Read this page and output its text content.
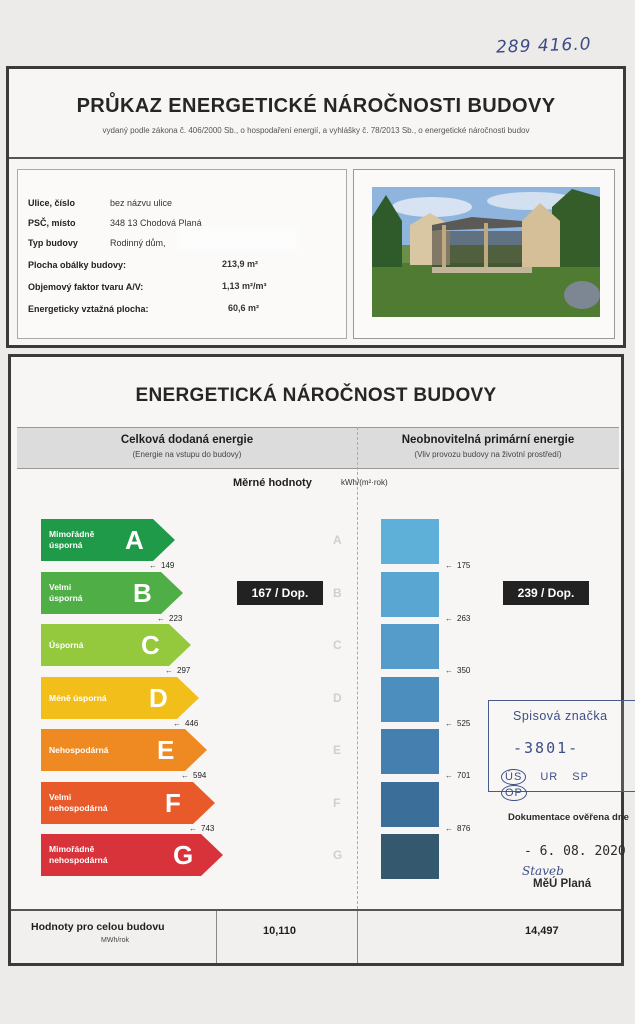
289 416.0
PRŮKAZ ENERGETICKÉ NÁROČNOSTI BUDOVY
vydaný podle zákona č. 406/2000 Sb., o hospodaření energií, a vyhlášky č. 78/2013 Sb., o energetické náročnosti budov
Ulice, číslo	bez názvu ulice
PSČ, místo	348 13 Chodová Planá
Typ budovy	Rodinný dům,
Plocha obálky budovy:	213,9 m²
Objemový faktor tvaru A/V:	1,13 m²/m³
Energeticky vztažná plocha:	60,6 m²
ENERGETICKÁ NÁROČNOST BUDOVY
Celková dodaná energie
(Energie na vstupu do budovy)
Neobnovitelná primární energie
(Vliv provozu budovy na životní prostředí)
Měrné hodnoty	kWh/(m²·rok)
Mimořádně
úsporná A
← 149
Velmi
úsporná B
← 223
Úsporná C
← 297
Méně úsporná D
← 446
Nehospodárná E
← 594
Velmi
nehospodárná F
← 743
Mimořádně
nehospodárná	G
A
← 175
B
← 263
C
← 350
D
← 525
E
← 701
F
← 876
G
167 / Dop.	239 / Dop.
Hodnoty pro celou budovu
MWh/rok
10,110	14,497
Spisová značka
-3801-
ÚS UR SP OP
Dokumentace ověřena dne
- 6. 08. 2020
Staveb
MěÚ Planá
